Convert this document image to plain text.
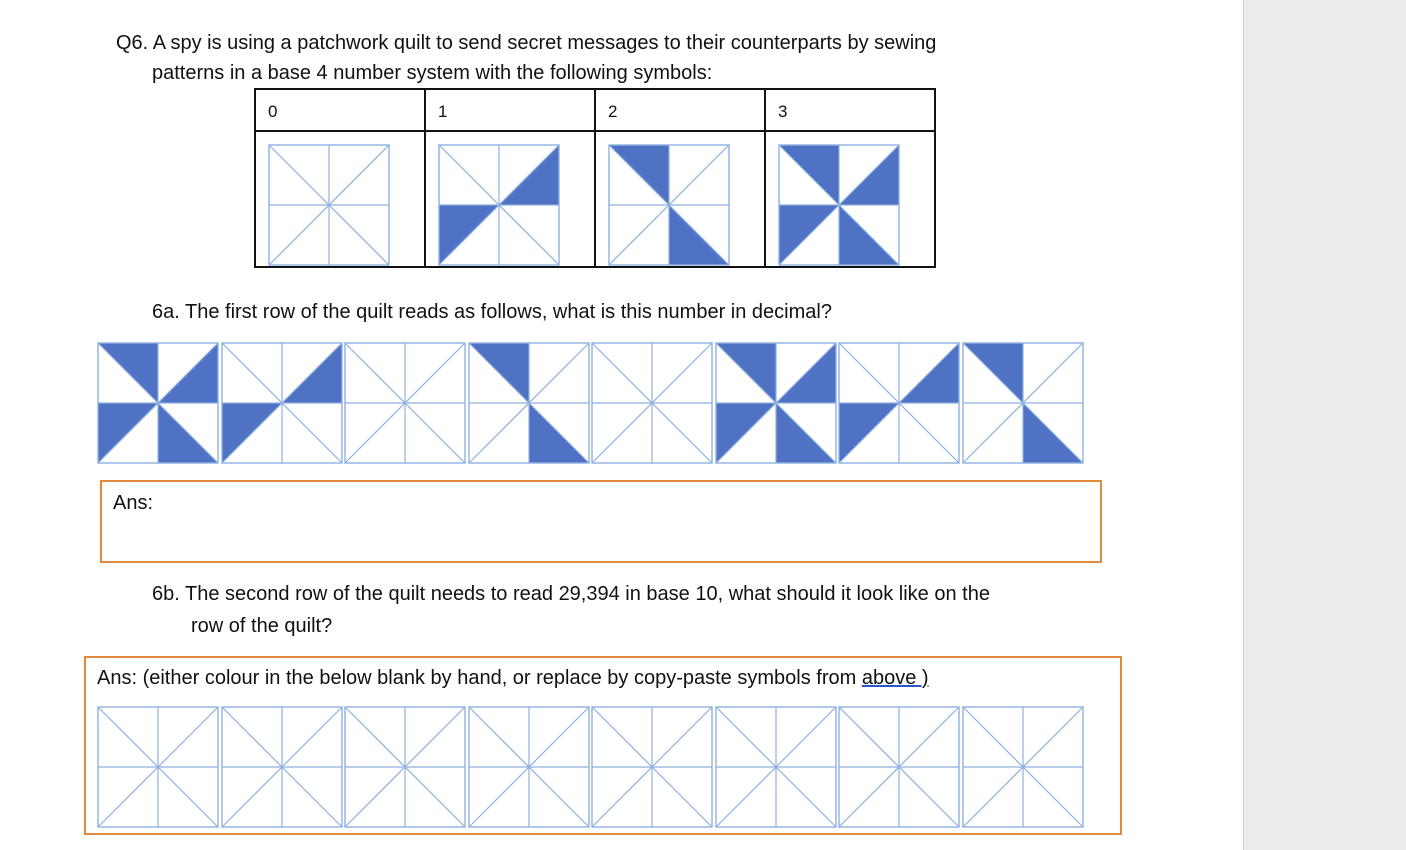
Q6. A spy is using a patchwork quilt to send secret messages to their counterparts by sewing
patterns in a base 4 number system with the following symbols:
0	1	2	3

6a. The first row of the quilt reads as follows, what is this number in decimal?
Ans:
6b. The second row of the quilt needs to read 29,394 in base 10, what should it look like on the
row of the quilt?
Ans: (either colour in the below blank by hand, or replace by copy-paste symbols from above )
